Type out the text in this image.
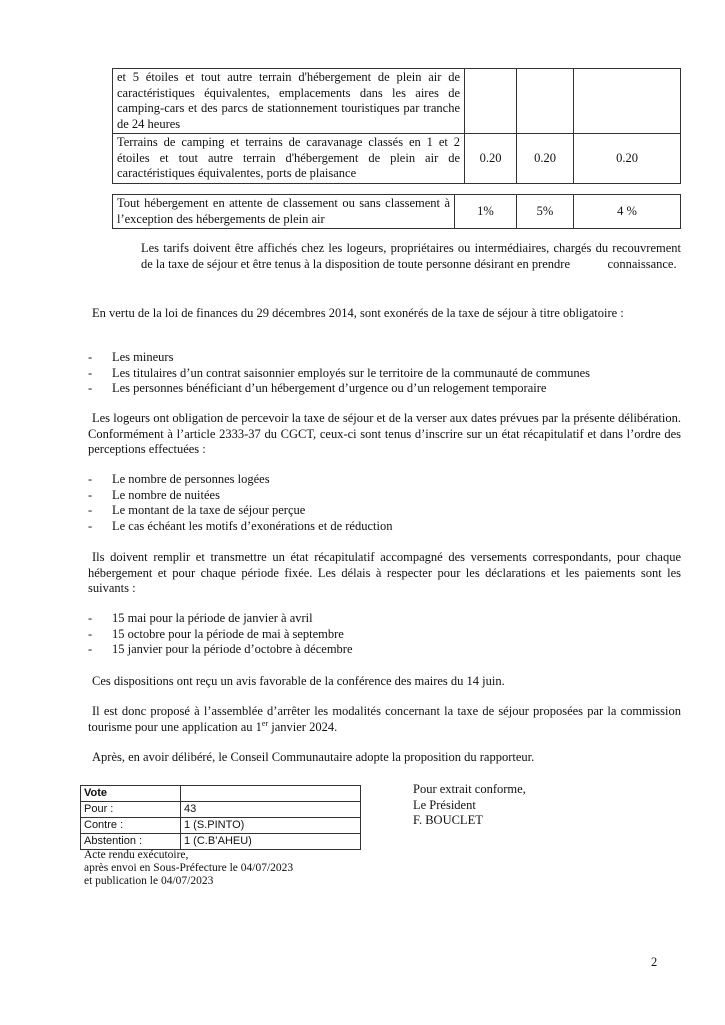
et 5 étoiles et tout autre terrain d'hébergement de plein air de caractéristiques équivalentes, emplacements dans les aires de camping-cars et des parcs de stationnement touristiques par tranche de 24 heures			
Terrains de camping et terrains de caravanage classés en 1 et 2 étoiles et tout autre terrain d'hébergement de plein air de caractéristiques équivalentes, ports de plaisance	0.20	0.20	0.20
Tout hébergement en attente de classement ou sans classement à l’exception des hébergements de plein air	1%	5%	4 %

Les tarifs doivent être affichés chez les logeurs, propriétaires ou intermédiaires, chargés du recouvrement de la taxe de séjour et être tenus à la disposition de toute personne désirant en prendre            connaissance.

En vertu de la loi de finances du 29 décembres 2014, sont exonérés de la taxe de séjour à titre obligatoire :

- Les mineurs
- Les titulaires d’un contrat saisonnier employés sur le territoire de la communauté de communes
- Les personnes bénéficiant d’un hébergement d’urgence ou d’un relogement temporaire

Les logeurs ont obligation de percevoir la taxe de séjour et de la verser aux dates prévues par la présente délibération. Conformément à l’article 2333-37 du CGCT, ceux-ci sont tenus d’inscrire sur un état récapitulatif et dans l’ordre des perceptions effectuées :

- Le nombre de personnes logées
- Le nombre de nuitées
- Le montant de la taxe de séjour perçue
- Le cas échéant les motifs d’exonérations et de réduction

Ils doivent remplir et transmettre un état récapitulatif accompagné des versements correspondants, pour chaque hébergement et pour chaque période fixée. Les délais à respecter pour les déclarations et les paiements sont les suivants :

- 15 mai pour la période de janvier à avril
- 15 octobre pour la période de mai à septembre
- 15 janvier pour la période d’octobre à décembre

Ces dispositions ont reçu un avis favorable de la conférence des maires du 14 juin.

Il est donc proposé à l’assemblée d’arrêter les modalités concernant la taxe de séjour proposées par la commission tourisme pour une application au 1er janvier 2024.

Après, en avoir délibéré, le Conseil Communautaire adopte la proposition du rapporteur.

Vote	
Pour :	43
Contre :	1 (S.PINTO)
Abstention :	1 (C.B’AHEU)
Acte rendu exécutoire,
après envoi en Sous-Préfecture le 04/07/2023
et publication le 04/07/2023
Pour extrait conforme,
Le Président
F. BOUCLET
2
